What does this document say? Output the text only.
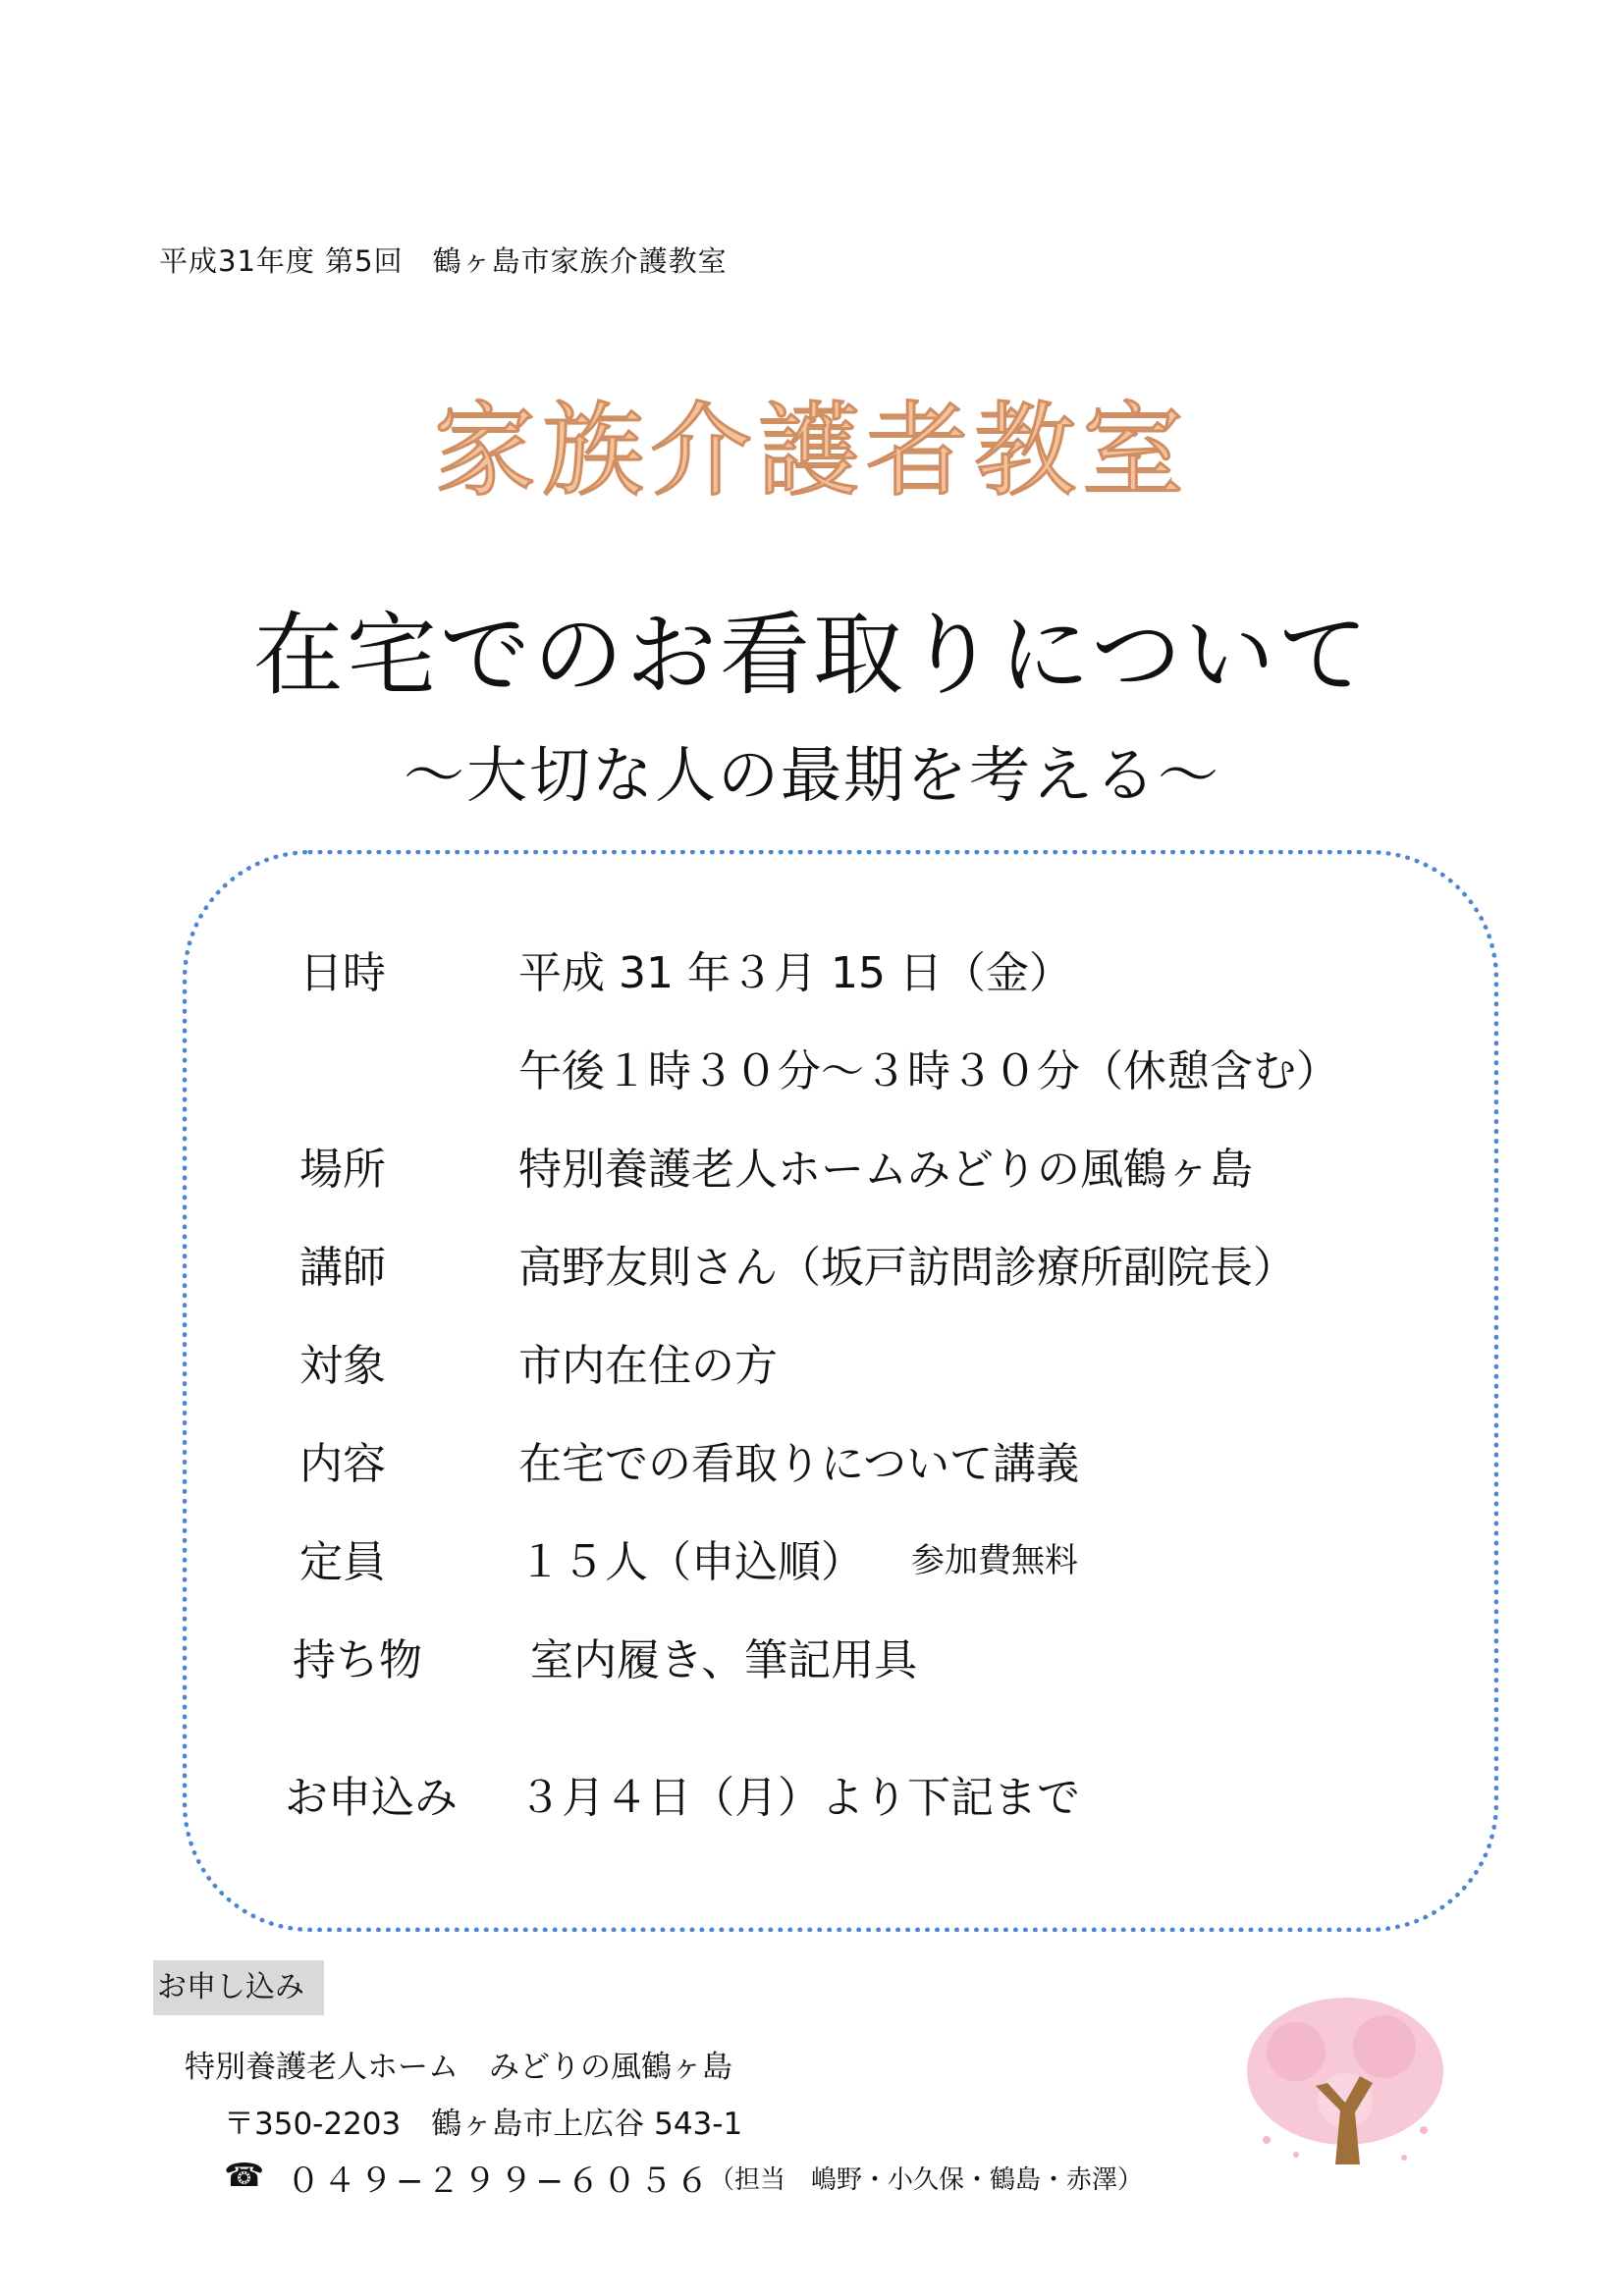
平成31年度 第5回　鶴ヶ島市家族介護教室
家族介護者教室
在宅でのお看取りについて
〜大切な人の最期を考える〜
日時	平成 31 年３月 15 日（金）
午後１時３０分〜３時３０分（休憩含む）
場所	特別養護老人ホームみどりの風鶴ヶ島
講師	高野友則さん（坂戸訪問診療所副院長）
対象	市内在住の方
内容	在宅での看取りについて講義
定員	１５人（申込順） 参加費無料
持ち物	室内履き、筆記用具
お申込み ３月４日（月）より下記まで
お申し込み
特別養護老人ホーム　みどりの風鶴ヶ島
〒350-2203　鶴ヶ島市上広谷 543-1
☎ ０４９−２９９−６０５６
（担当　嶋野・小久保・鶴島・赤澤）
